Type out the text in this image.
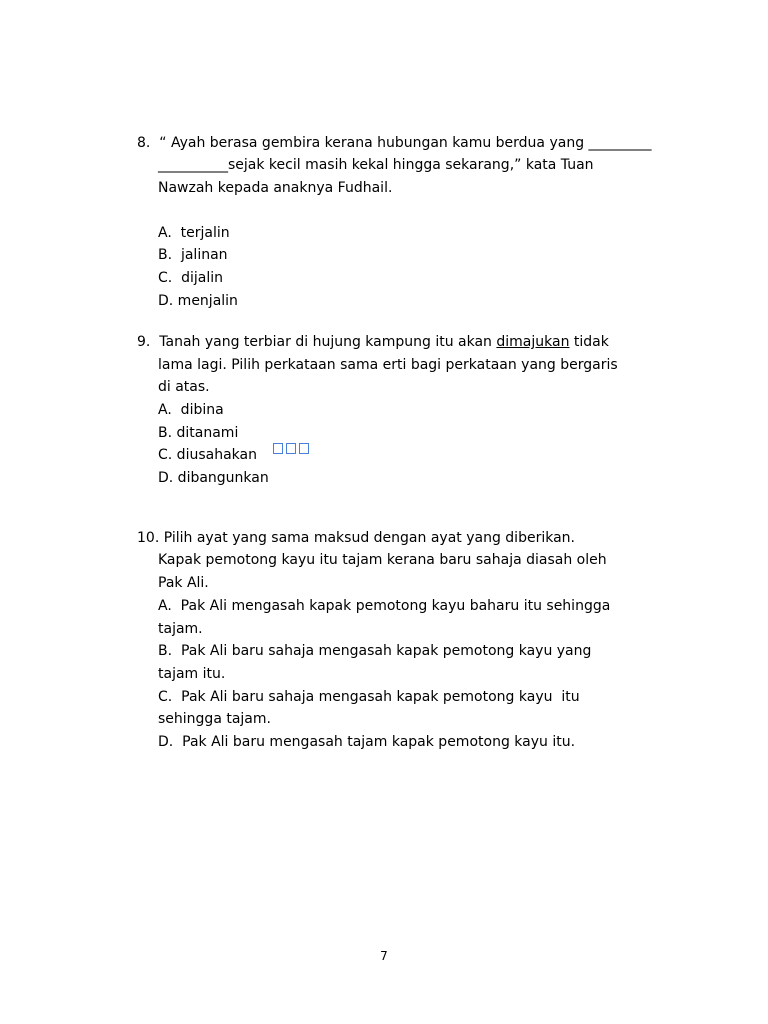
8.  “ Ayah berasa gembira kerana hubungan kamu berdua yang _________
__________sejak kecil masih kekal hingga sekarang,” kata Tuan
Nawzah kepada anaknya Fudhail.
A.  terjalin
B.  jalinan
C.  dijalin
D. menjalin
9.  Tanah yang terbiar di hujung kampung itu akan dimajukan tidak
lama lagi. Pilih perkataan sama erti bagi perkataan yang bergaris
di atas.
A.  dibina
B. ditanami
C. diusahakan
D. dibangunkan
10. Pilih ayat yang sama maksud dengan ayat yang diberikan.
Kapak pemotong kayu itu tajam kerana baru sahaja diasah oleh
Pak Ali.
A.  Pak Ali mengasah kapak pemotong kayu baharu itu sehingga
tajam.
B.  Pak Ali baru sahaja mengasah kapak pemotong kayu yang
tajam itu.
C.  Pak Ali baru sahaja mengasah kapak pemotong kayu  itu
sehingga tajam.
D.  Pak Ali baru mengasah tajam kapak pemotong kayu itu.
7
